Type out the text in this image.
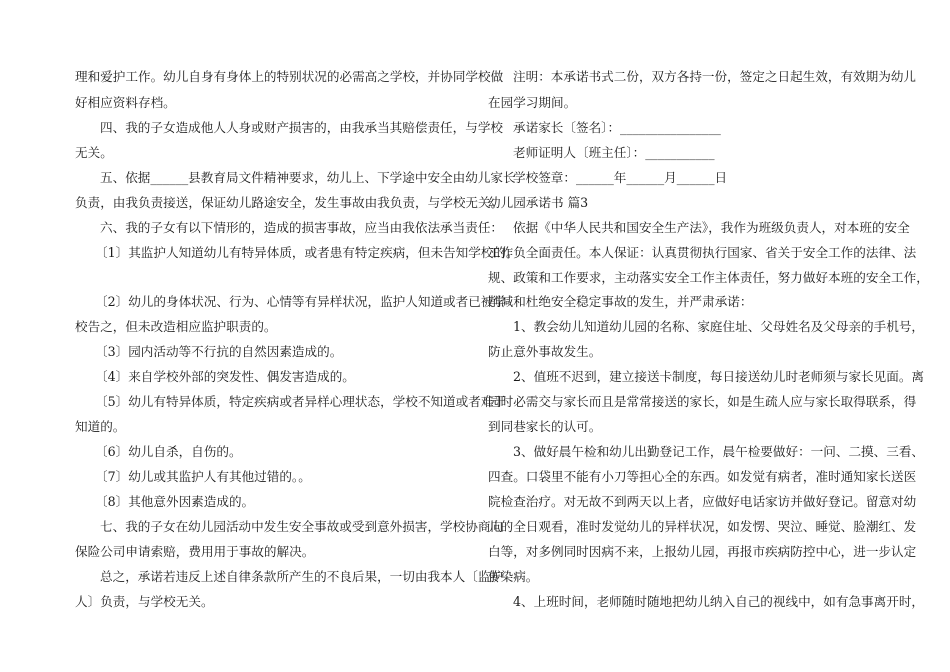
理和爱护工作。幼儿自身有身体上的特别状况的必需高之学校，并协同学校做
好相应资料存档。
四、我的子女造成他人人身或财产损害的，由我承当其赔偿责任，与学校
无关。
五、依据______县教育局文件精神要求，幼儿上、下学途中安全由幼儿家长
负责，由我负责接送，保证幼儿路途安全，发生事故由我负责，与学校无关。
六、我的子女有以下情形的，造成的损害事故，应当由我依法承当责任：
〔1〕其监护人知道幼儿有特异体质，或者患有特定疾病，但未告知学校的。
〔2〕幼儿的身体状况、行为、心情等有异样状况，监护人知道或者已被学
校告之，但未改造相应监护职责的。
〔3〕园内活动等不行抗的自然因素造成的。
〔4〕来自学校外部的突发性、偶发害造成的。
〔5〕幼儿有特异体质，特定疾病或者异样心理状态，学校不知道或者难于
知道的。
〔6〕幼儿自杀，自伤的。
〔7〕幼儿或其监护人有其他过错的。。
〔8〕其他意外因素造成的。
七、我的子女在幼儿园活动中发生安全事故或受到意外损害，学校协商向
保险公司申请索赔，费用用于事故的解决。
总之，承诺若违反上述自律条款所产生的不良后果，一切由我本人〔监护
人〕负责，与学校无关。
注明：本承诺书式二份，双方各持一份，签定之日起生效，有效期为幼儿
在园学习期间。
承诺家长〔签名〕：________________
老师证明人〔班主任〕：___________
学校签章：______年______月______日
幼儿园承诺书 篇3
依据《中华人民共和国安全生产法》，我作为班级负责人，对本班的安全
工作负全面责任。本人保证：认真贯彻执行国家、省关于安全工作的法律、法
规、政策和工作要求，主动落实安全工作主体责任，努力做好本班的安全工作，
削减和杜绝安全稳定事故的发生，并严肃承诺：
1、教会幼儿知道幼儿园的名称、家庭住址、父母姓名及父母亲的手机号，
防止意外事故发生。
2、值班不迟到，建立接送卡制度，每日接送幼儿时老师须与家长见面。离
园时必需交与家长而且是常常接送的家长，如是生疏人应与家长取得联系，得
到同巷家长的认可。
3、做好晨午检和幼儿出勤登记工作，晨午检要做好：一问、二摸、三看、
四查。口袋里不能有小刀等担心全的东西。如发觉有病者，准时通知家长送医
院检查治疗。对无故不到两天以上者，应做好电话家访并做好登记。留意对幼
儿的全日观看，准时发觉幼儿的异样状况，如发愣、哭泣、睡觉、脸潮红、发
白等，对多例同时因病不来，上报幼儿园，再报市疾病防控中心，进一步认定
传染病。
4、上班时间，老师随时随地把幼儿纳入自己的视线中，如有急事离开时，
